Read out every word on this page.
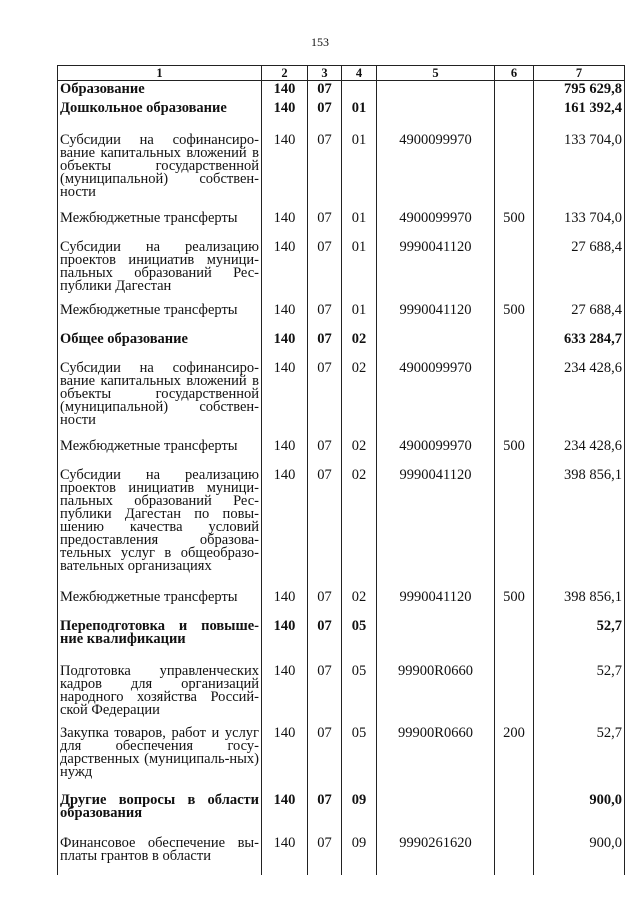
153
1	2	3	4	5	6	7
Образование	140	07				795 629,8
Дошкольное образование	140	07	01			161 392,4
Субсидии на софинансиро-вание капитальных вложений в объекты государственной (муниципальной) собствен-ности	140	07	01	4900099970		133 704,0
Межбюджетные трансферты	140	07	01	4900099970	500	133 704,0
Субсидии на реализацию проектов инициатив муници-пальных образований Рес-публики Дагестан	140	07	01	9990041120		27 688,4
Межбюджетные трансферты	140	07	01	9990041120	500	27 688,4
Общее образование	140	07	02			633 284,7
Субсидии на софинансиро-вание капитальных вложений в объекты государственной (муниципальной) собствен-ности	140	07	02	4900099970		234 428,6
Межбюджетные трансферты	140	07	02	4900099970	500	234 428,6
Субсидии на реализацию проектов инициатив муници-пальных образований Рес-публики Дагестан по повы-шению качества условий предоставления образова-тельных услуг в общеобразо-вательных организациях	140	07	02	9990041120		398 856,1
Межбюджетные трансферты	140	07	02	9990041120	500	398 856,1
Переподготовка и повыше-ние квалификации	140	07	05			52,7
Подготовка управленческих кадров для организаций народного хозяйства Россий-ской Федерации	140	07	05	99900R0660		52,7
Закупка товаров, работ и услуг для обеспечения госу-дарственных (муниципаль-ных) нужд	140	07	05	99900R0660	200	52,7
Другие вопросы в области образования	140	07	09			900,0
Финансовое обеспечение вы-платы грантов в области	140	07	09	9990261620		900,0
